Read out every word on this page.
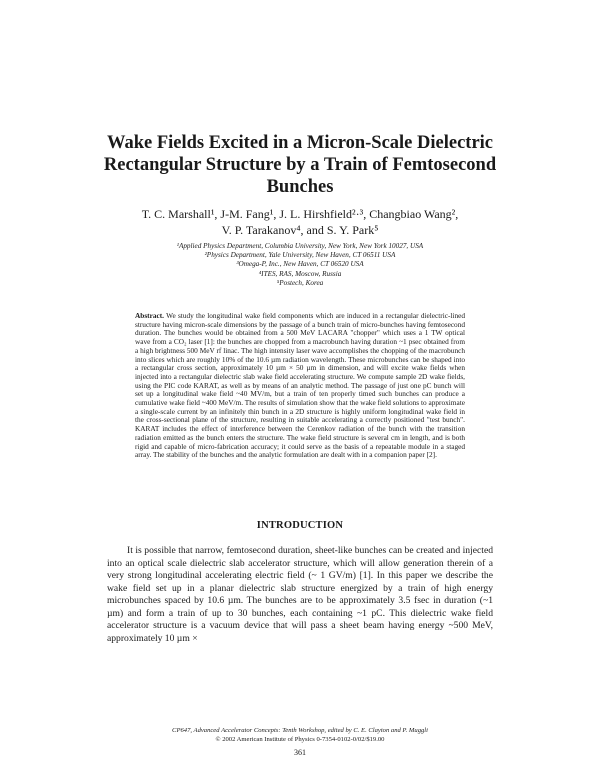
Wake Fields Excited in a Micron-Scale Dielectric Rectangular Structure by a Train of Femtosecond Bunches
T. C. Marshall¹, J-M. Fang¹, J. L. Hirshfield²·³, Changbiao Wang²,
V. P. Tarakanov⁴, and S. Y. Park⁵
¹Applied Physics Department, Columbia University, New York, New York 10027, USA
²Physics Department, Yale University, New Haven, CT 06511 USA
³Omega-P, Inc., New Haven, CT 06520 USA
⁴ITES, RAS, Moscow, Russia
⁵Postech, Korea
Abstract. We study the longitudinal wake field components which are induced in a rectangular dielectric-lined structure having micron-scale dimensions by the passage of a bunch train of micro-bunches having femtosecond duration. The bunches would be obtained from a 500 MeV LACARA "chopper" which uses a 1 TW optical wave from a CO₂ laser [1]: the bunches are chopped from a macrobunch having duration ~1 psec obtained from a high brightness 500 MeV rf linac. The high intensity laser wave accomplishes the chopping of the macrobunch into slices which are roughly 10% of the 10.6 µm radiation wavelength. These microbunches can be shaped into a rectangular cross section, approximately 10 µm × 50 µm in dimension, and will excite wake fields when injected into a rectangular dielectric slab wake field accelerating structure. We compute sample 2D wake fields, using the PIC code KARAT, as well as by means of an analytic method. The passage of just one pC bunch will set up a longitudinal wake field ~40 MV/m, but a train of ten properly timed such bunches can produce a cumulative wake field ~400 MeV/m. The results of simulation show that the wake field solutions to approximate a single-scale current by an infinitely thin bunch in a 2D structure is highly uniform longitudinal wake field in the cross-sectional plane of the structure, resulting in suitable accelerating a correctly positioned "test bunch". KARAT includes the effect of interference between the Cerenkov radiation of the bunch with the transition radiation emitted as the bunch enters the structure. The wake field structure is several cm in length, and is both rigid and capable of micro-fabrication accuracy; it could serve as the basis of a repeatable module in a staged array. The stability of the bunches and the analytic formulation are dealt with in a companion paper [2].
INTRODUCTION
It is possible that narrow, femtosecond duration, sheet-like bunches can be created and injected into an optical scale dielectric slab accelerator structure, which will allow generation therein of a very strong longitudinal accelerating electric field (~ 1 GV/m) [1]. In this paper we describe the wake field set up in a planar dielectric slab structure energized by a train of high energy microbunches spaced by 10.6 µm. The bunches are to be approximately 3.5 fsec in duration (~1 µm) and form a train of up to 30 bunches, each containing ~1 pC. This dielectric wake field accelerator structure is a vacuum device that will pass a sheet beam having energy ~500 MeV, approximately 10 µm ×
CP647, Advanced Accelerator Concepts: Tenth Workshop, edited by C. E. Clayton and P. Muggli
© 2002 American Institute of Physics 0-7354-0102-0/02/$19.00
361
